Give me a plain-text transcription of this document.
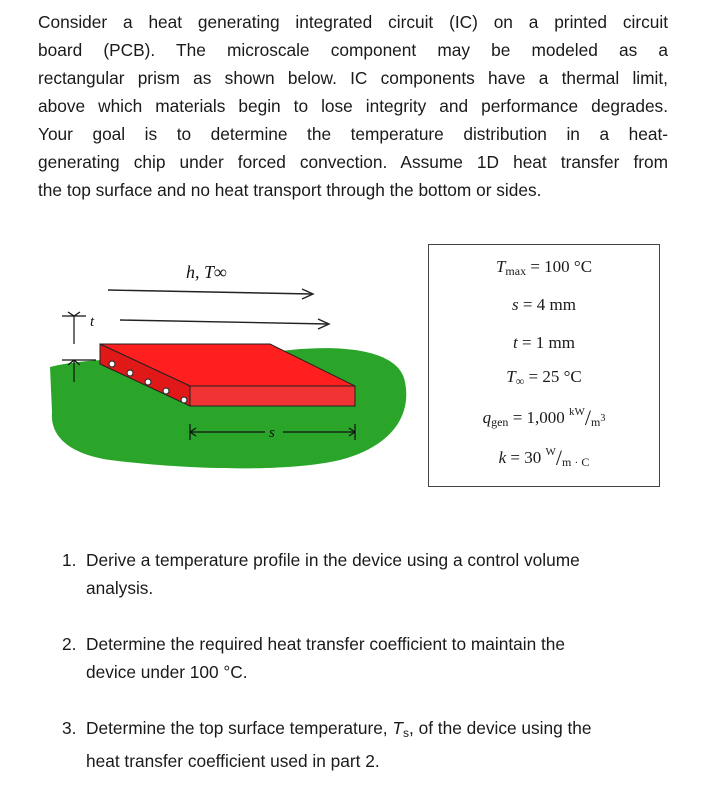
Consider a heat generating integrated circuit (IC) on a printed circuit
board (PCB). The microscale component may be modeled as a
rectangular prism as shown below. IC components have a thermal limit,
above which materials begin to lose integrity and performance degrades.
Your goal is to determine the temperature distribution in a heat-
generating chip under forced convection. Assume 1D heat transfer from
the top surface and no heat transport through the bottom or sides.
h, T∞
t
s
$T_{max} = 100$ °C
s = 4 mm
t = 1 mm
$T_\infty = 25$ °C
$q_{gen} = 1,000$ $^{kW}/_m^3$
k = 30 $^W/_{m \cdot C}$
1. Derive a temperature profile in the device using a control volume
analysis.
2. Determine the required heat transfer coefficient to maintain the
device under 100 °C.
3. Determine the top surface temperature, $T_s$, of the device using the
heat transfer coefficient used in part 2.
